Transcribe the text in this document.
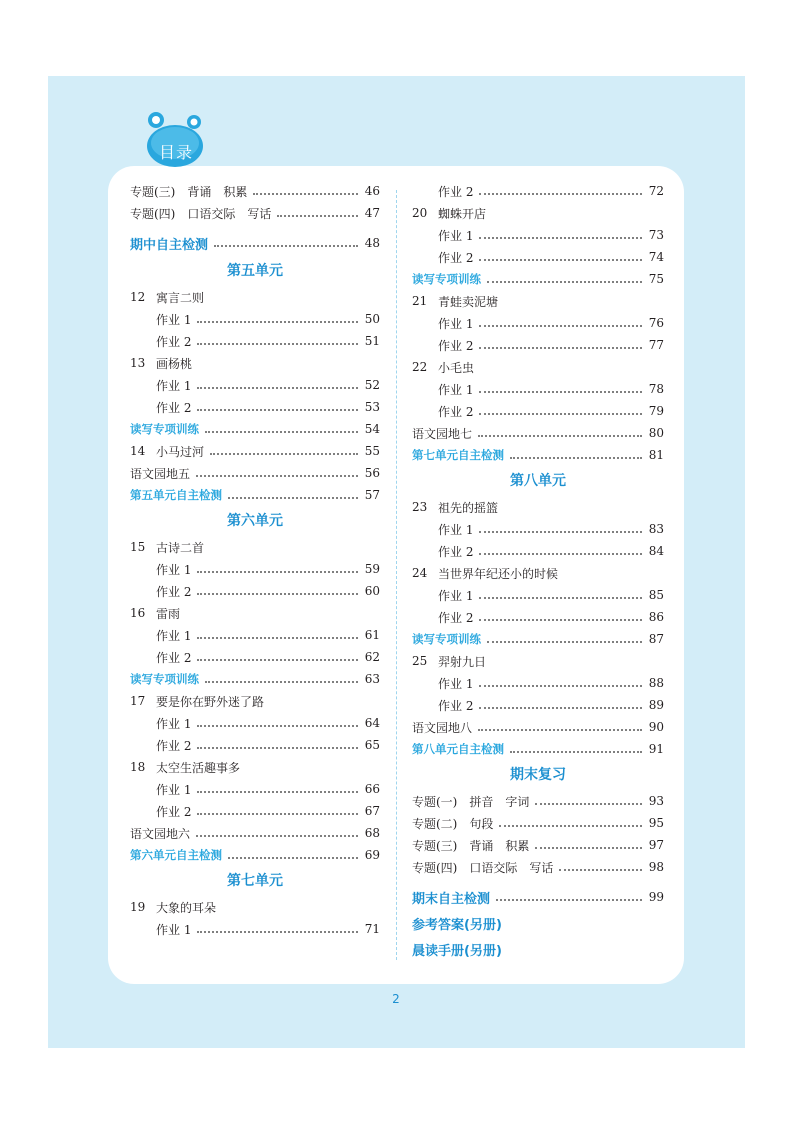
目录
专题(三)　背诵　积累	46
专题(四)　口语交际　写话	47
期中自主检测	48
第五单元
12 寓言二则
作业 1	50
作业 2	51
13 画杨桃
作业 1	52
作业 2	53
读写专项训练	54
14 小马过河	55
语文园地五	56
第五单元自主检测	57
第六单元
15 古诗二首
作业 1	59
作业 2	60
16 雷雨
作业 1	61
作业 2	62
读写专项训练	63
17 要是你在野外迷了路
作业 1	64
作业 2	65
18 太空生活趣事多
作业 1	66
作业 2	67
语文园地六	68
第六单元自主检测	69
第七单元
19 大象的耳朵
作业 1	71
作业 2	72
20 蜘蛛开店
作业 1	73
作业 2	74
读写专项训练	75
21 青蛙卖泥塘
作业 1	76
作业 2	77
22 小毛虫
作业 1	78
作业 2	79
语文园地七	80
第七单元自主检测	81
第八单元
23 祖先的摇篮
作业 1	83
作业 2	84
24 当世界年纪还小的时候
作业 1	85
作业 2	86
读写专项训练	87
25 羿射九日
作业 1	88
作业 2	89
语文园地八	90
第八单元自主检测	91
期末复习
专题(一)　拼音　字词	93
专题(二)　句段	95
专题(三)　背诵　积累	97
专题(四)　口语交际　写话	98
期末自主检测	99
参考答案(另册)
晨读手册(另册)
2
